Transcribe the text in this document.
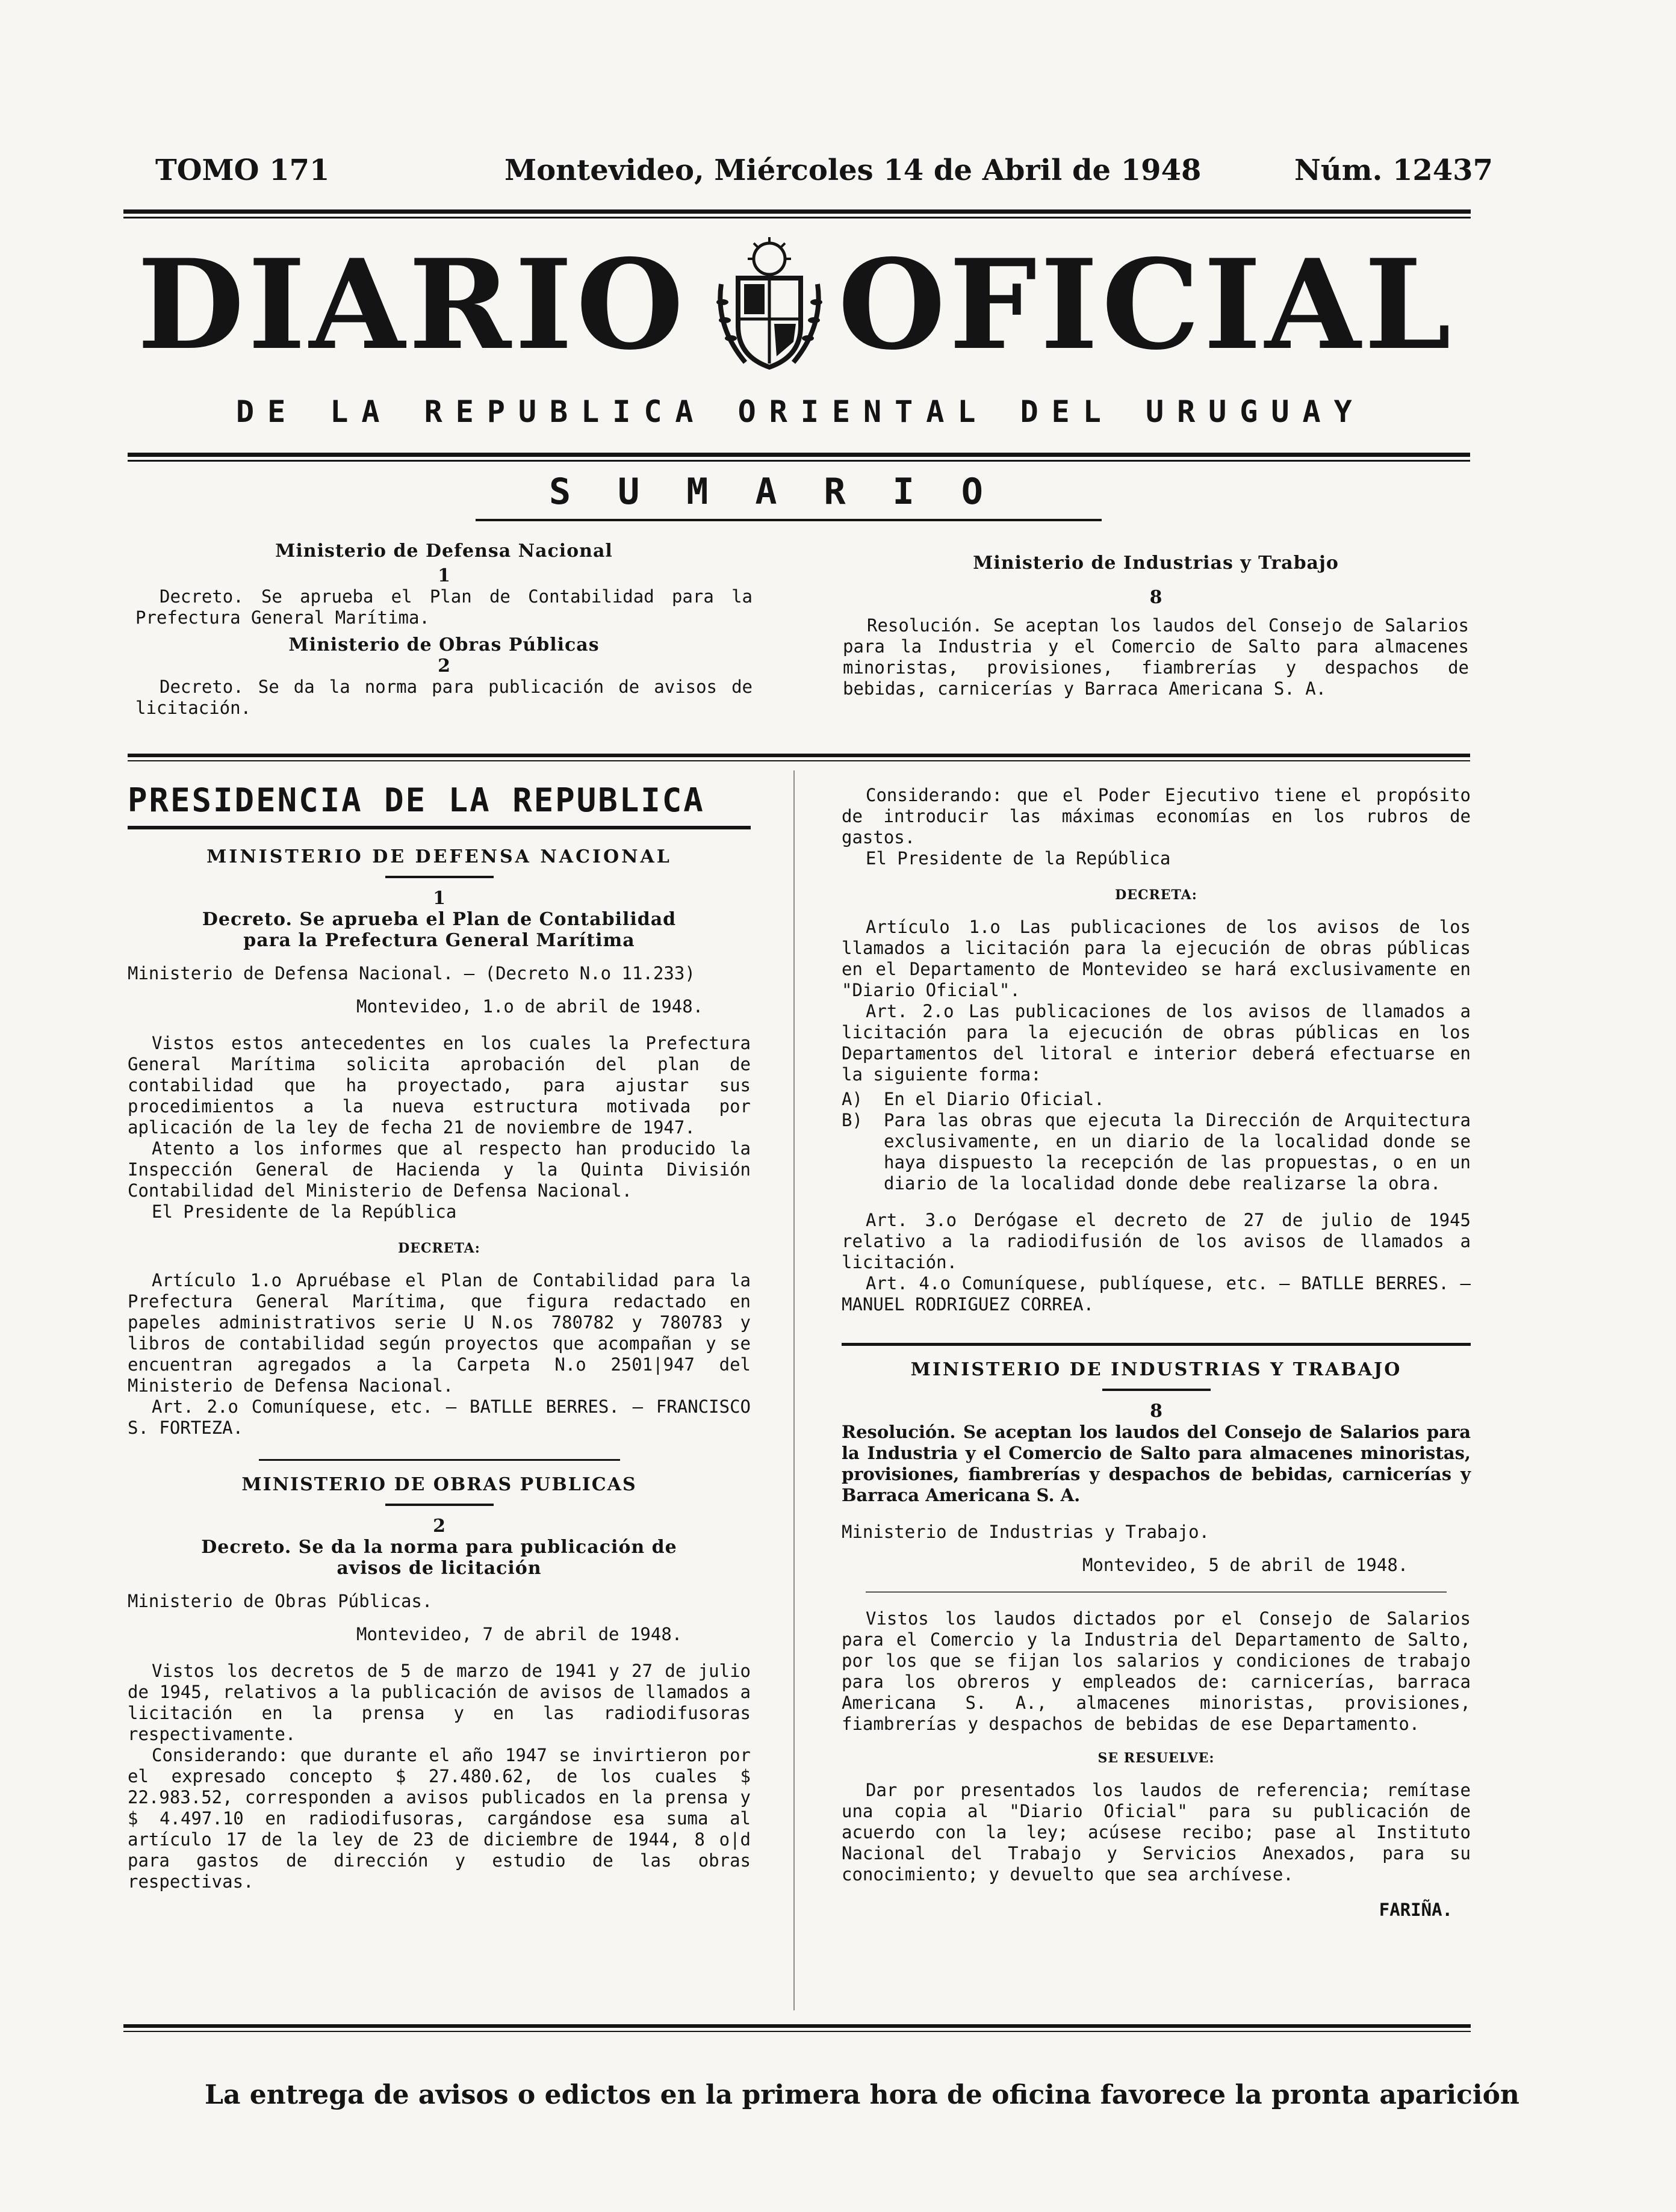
TOMO 171	Montevideo, Miércoles 14 de Abril de 1948	Núm. 12437
DIARIO OFICIAL
DE LA REPUBLICA ORIENTAL DEL URUGUAY
SUMARIO
Ministerio de Defensa Nacional
1

Decreto. Se aprueba el Plan de Contabilidad para la Prefectura General Marítima.

Ministerio de Obras Públicas
2

Decreto. Se da la norma para publicación de avisos de licitación.

Ministerio de Industrias y Trabajo
8

Resolución. Se aceptan los laudos del Consejo de Salarios para la Industria y el Comercio de Salto para almacenes minoristas, provisiones, fiambrerías y despachos de bebidas, carnicerías y Barraca Americana S. A.

PRESIDENCIA DE LA REPUBLICA
MINISTERIO DE DEFENSA NACIONAL
1
Decreto. Se aprueba el Plan de Contabilidad para la Prefectura General Marítima

Ministerio de Defensa Nacional. — (Decreto N.o 11.233)

Montevideo, 1.o de abril de 1948.

Vistos estos antecedentes en los cuales la Prefectura General Marítima solicita aprobación del plan de contabilidad que ha proyectado, para ajustar sus procedimientos a la nueva estructura motivada por aplicación de la ley de fecha 21 de noviembre de 1947.

Atento a los informes que al respecto han producido la Inspección General de Hacienda y la Quinta División Contabilidad del Ministerio de Defensa Nacional.

El Presidente de la República

DECRETA:

Artículo 1.o Apruébase el Plan de Contabilidad para la Prefectura General Marítima, que figura redactado en papeles administrativos serie U N.os 780782 y 780783 y libros de contabilidad según proyectos que acompañan y se encuentran agregados a la Carpeta N.o 2501|947 del Ministerio de Defensa Nacional.

Art. 2.o Comuníquese, etc. — BATLLE BERRES. — FRANCISCO S. FORTEZA.

MINISTERIO DE OBRAS PUBLICAS
2
Decreto. Se da la norma para publicación de avisos de licitación

Ministerio de Obras Públicas.

Montevideo, 7 de abril de 1948.

Vistos los decretos de 5 de marzo de 1941 y 27 de julio de 1945, relativos a la publicación de avisos de llamados a licitación en la prensa y en las radiodifusoras respectivamente.

Considerando: que durante el año 1947 se invirtieron por el expresado concepto $ 27.480.62, de los cuales $ 22.983.52, corresponden a avisos publicados en la prensa y $ 4.497.10 en radiodifusoras, cargándose esa suma al artículo 17 de la ley de 23 de diciembre de 1944, 8 o|d para gastos de dirección y estudio de las obras respectivas.

Considerando: que el Poder Ejecutivo tiene el propósito de introducir las máximas economías en los rubros de gastos.

El Presidente de la República

DECRETA:

Artículo 1.o Las publicaciones de los avisos de los llamados a licitación para la ejecución de obras públicas en el Departamento de Montevideo se hará exclusivamente en "Diario Oficial".

Art. 2.o Las publicaciones de los avisos de llamados a licitación para la ejecución de obras públicas en los Departamentos del litoral e interior deberá efectuarse en la siguiente forma:

A) En el Diario Oficial.
B) Para las obras que ejecuta la Dirección de Arquitectura exclusivamente, en un diario de la localidad donde se haya dispuesto la recepción de las propuestas, o en un diario de la localidad donde debe realizarse la obra.

Art. 3.o Derógase el decreto de 27 de julio de 1945 relativo a la radiodifusión de los avisos de llamados a licitación.

Art. 4.o Comuníquese, publíquese, etc. — BATLLE BERRES. — MANUEL RODRIGUEZ CORREA.

MINISTERIO DE INDUSTRIAS Y TRABAJO
8

Resolución. Se aceptan los laudos del Consejo de Salarios para la Industria y el Comercio de Salto para almacenes minoristas, provisiones, fiambrerías y despachos de bebidas, carnicerías y Barraca Americana S. A.

Ministerio de Industrias y Trabajo.

Montevideo, 5 de abril de 1948.

Vistos los laudos dictados por el Consejo de Salarios para el Comercio y la Industria del Departamento de Salto, por los que se fijan los salarios y condiciones de trabajo para los obreros y empleados de: carnicerías, barraca Americana S. A., almacenes minoristas, provisiones, fiambrerías y despachos de bebidas de ese Departamento.

SE RESUELVE:

Dar por presentados los laudos de referencia; remítase una copia al "Diario Oficial" para su publicación de acuerdo con la ley; acúsese recibo; pase al Instituto Nacional del Trabajo y Servicios Anexados, para su conocimiento; y devuelto que sea archívese.

FARIÑA.

La entrega de avisos o edictos en la primera hora de oficina favorece la pronta aparición
